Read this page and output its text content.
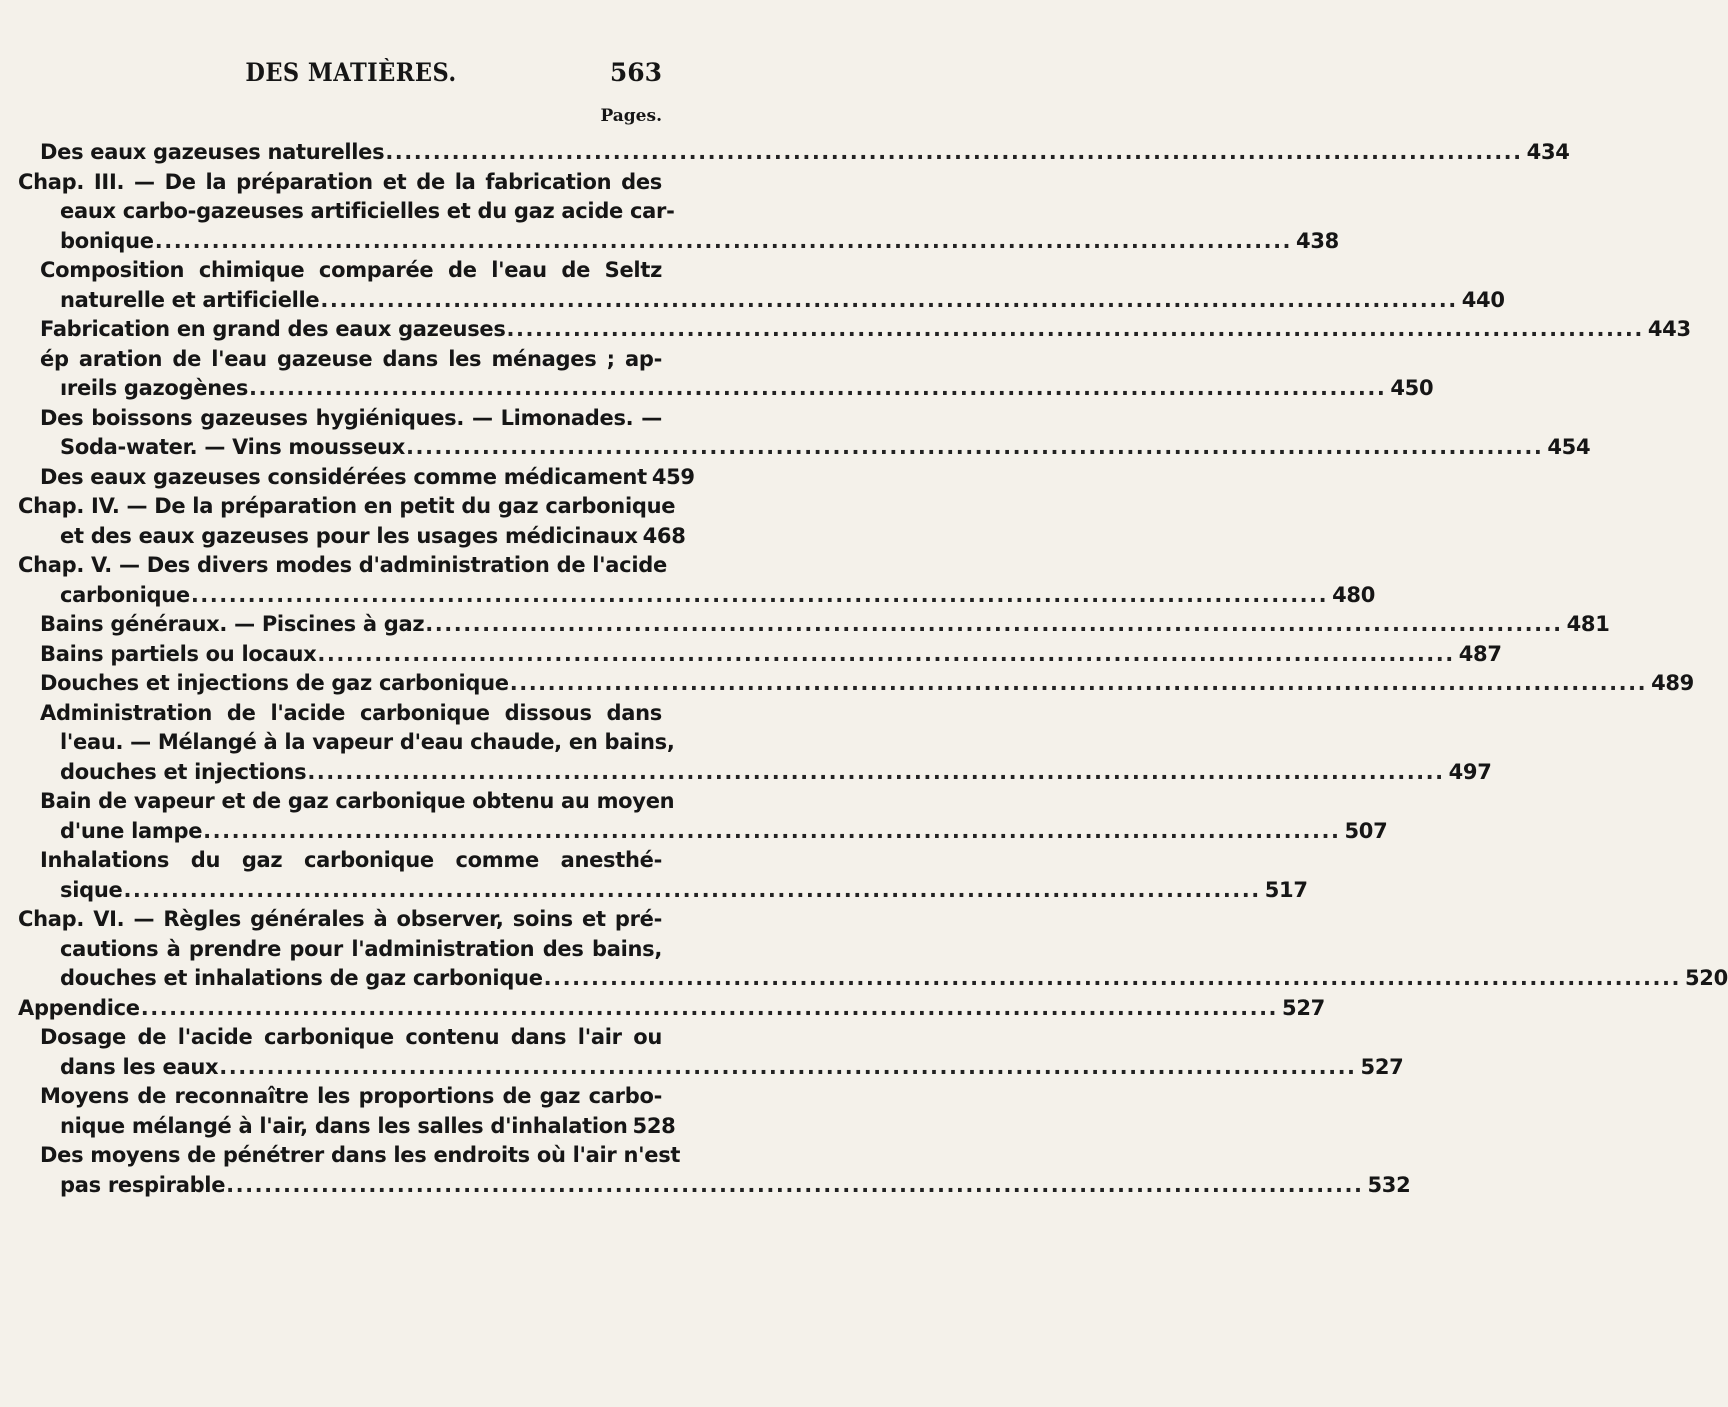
DES MATIÈRES.	563
Pages.
Des eaux gazeuses naturelles ........................................................................................................................ 434
Chap. III. — De la préparation et de la fabrication des
eaux carbo-gazeuses artificielles et du gaz acide car-
bonique ........................................................................................................................ 438
Composition chimique comparée de l'eau de Seltz
naturelle et artificielle ........................................................................................................................ 440
Fabrication en grand des eaux gazeuses ........................................................................................................................ 443
ép aration de l'eau gazeuse dans les ménages ; ap-
ıreils gazogènes ........................................................................................................................ 450
Des boissons gazeuses hygiéniques. — Limonades. —
Soda-water. — Vins mousseux ........................................................................................................................ 454
Des eaux gazeuses considérées comme médicament 459
Chap. IV. — De la préparation en petit du gaz carbonique
et des eaux gazeuses pour les usages médicinaux 468
Chap. V. — Des divers modes d'administration de l'acide
carbonique ........................................................................................................................ 480
Bains généraux. — Piscines à gaz ........................................................................................................................ 481
Bains partiels ou locaux ........................................................................................................................ 487
Douches et injections de gaz carbonique ........................................................................................................................ 489
Administration de l'acide carbonique dissous dans
l'eau. — Mélangé à la vapeur d'eau chaude, en bains,
douches et injections ........................................................................................................................ 497
Bain de vapeur et de gaz carbonique obtenu au moyen
d'une lampe ........................................................................................................................ 507
Inhalations du gaz carbonique comme anesthé-
sique ........................................................................................................................ 517
Chap. VI. — Règles générales à observer, soins et pré-
cautions à prendre pour l'administration des bains,
douches et inhalations de gaz carbonique ........................................................................................................................ 520
Appendice ........................................................................................................................ 527
Dosage de l'acide carbonique contenu dans l'air ou
dans les eaux ........................................................................................................................ 527
Moyens de reconnaître les proportions de gaz carbo-
nique mélangé à l'air, dans les salles d'inhalation 528
Des moyens de pénétrer dans les endroits où l'air n'est
pas respirable ........................................................................................................................ 532
